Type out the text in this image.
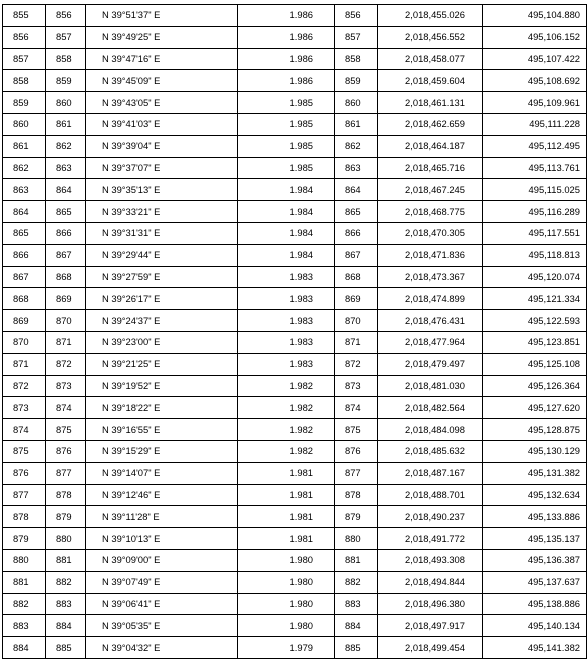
855	856	N 39°51'37" E	1.986	856	2,018,455.026	495,104.880
856	857	N 39°49'25" E	1.986	857	2,018,456.552	495,106.152
857	858	N 39°47'16" E	1.986	858	2,018,458.077	495,107.422
858	859	N 39°45'09" E	1.986	859	2,018,459.604	495,108.692
859	860	N 39°43'05" E	1.985	860	2,018,461.131	495,109.961
860	861	N 39°41'03" E	1.985	861	2,018,462.659	495,111.228
861	862	N 39°39'04" E	1.985	862	2,018,464.187	495,112.495
862	863	N 39°37'07" E	1.985	863	2,018,465.716	495,113.761
863	864	N 39°35'13" E	1.984	864	2,018,467.245	495,115.025
864	865	N 39°33'21" E	1.984	865	2,018,468.775	495,116.289
865	866	N 39°31'31" E	1.984	866	2,018,470.305	495,117.551
866	867	N 39°29'44" E	1.984	867	2,018,471.836	495,118.813
867	868	N 39°27'59" E	1.983	868	2,018,473.367	495,120.074
868	869	N 39°26'17" E	1.983	869	2,018,474.899	495,121.334
869	870	N 39°24'37" E	1.983	870	2,018,476.431	495,122.593
870	871	N 39°23'00" E	1.983	871	2,018,477.964	495,123.851
871	872	N 39°21'25" E	1.983	872	2,018,479.497	495,125.108
872	873	N 39°19'52" E	1.982	873	2,018,481.030	495,126.364
873	874	N 39°18'22" E	1.982	874	2,018,482.564	495,127.620
874	875	N 39°16'55" E	1.982	875	2,018,484.098	495,128.875
875	876	N 39°15'29" E	1.982	876	2,018,485.632	495,130.129
876	877	N 39°14'07" E	1.981	877	2,018,487.167	495,131.382
877	878	N 39°12'46" E	1.981	878	2,018,488.701	495,132.634
878	879	N 39°11'28" E	1.981	879	2,018,490.237	495,133.886
879	880	N 39°10'13" E	1.981	880	2,018,491.772	495,135.137
880	881	N 39°09'00" E	1.980	881	2,018,493.308	495,136.387
881	882	N 39°07'49" E	1.980	882	2,018,494.844	495,137.637
882	883	N 39°06'41" E	1.980	883	2,018,496.380	495,138.886
883	884	N 39°05'35" E	1.980	884	2,018,497.917	495,140.134
884	885	N 39°04'32" E	1.979	885	2,018,499.454	495,141.382
